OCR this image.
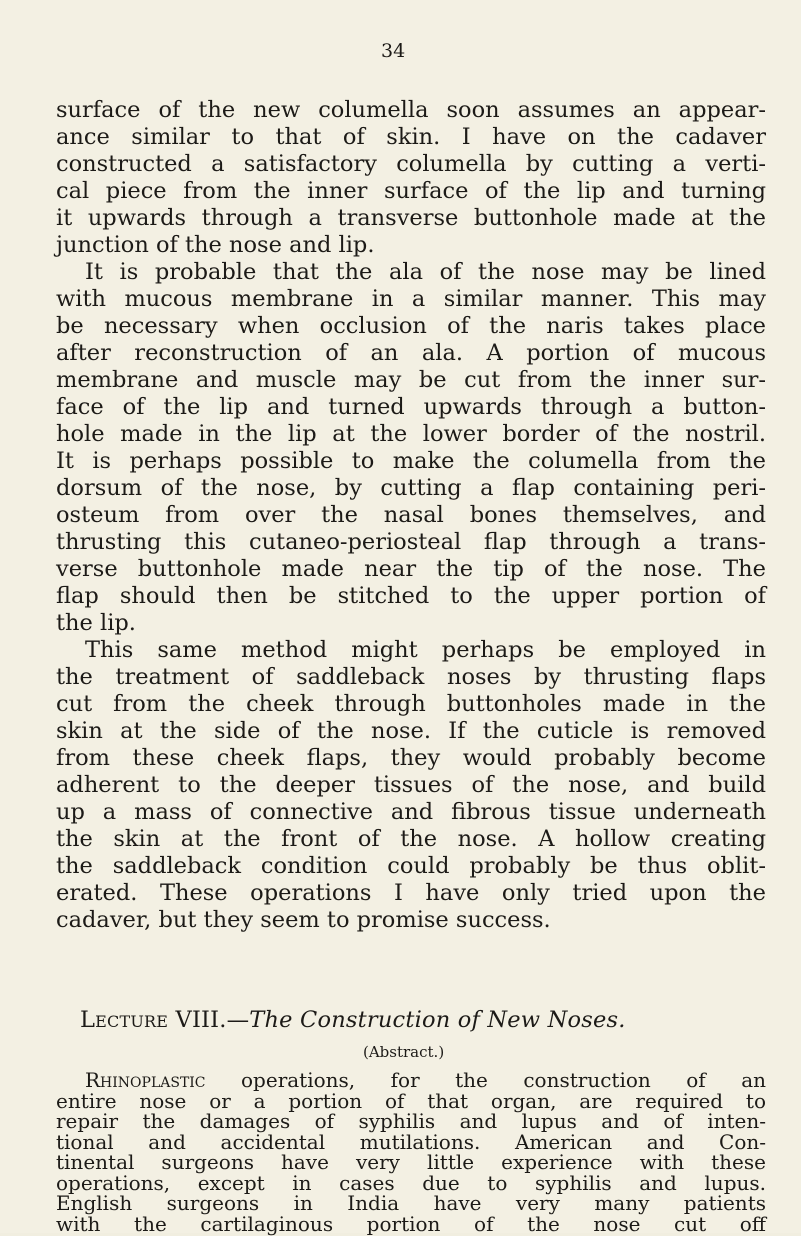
34
surface of the new columella soon assumes an appear-
ance similar to that of skin. I have on the cadaver
constructed a satisfactory columella by cutting a verti-
cal piece from the inner surface of the lip and turning
it upwards through a transverse buttonhole made at the
junction of the nose and lip.
It is probable that the ala of the nose may be lined
with mucous membrane in a similar manner. This may
be necessary when occlusion of the naris takes place
after reconstruction of an ala. A portion of mucous
membrane and muscle may be cut from the inner sur-
face of the lip and turned upwards through a button-
hole made in the lip at the lower border of the nostril.
It is perhaps possible to make the columella from the
dorsum of the nose, by cutting a flap containing peri-
osteum from over the nasal bones themselves, and
thrusting this cutaneo-periosteal flap through a trans-
verse buttonhole made near the tip of the nose. The
flap should then be stitched to the upper portion of
the lip.
This same method might perhaps be employed in
the treatment of saddleback noses by thrusting flaps
cut from the cheek through buttonholes made in the
skin at the side of the nose. If the cuticle is removed
from these cheek flaps, they would probably become
adherent to the deeper tissues of the nose, and build
up a mass of connective and fibrous tissue underneath
the skin at the front of the nose. A hollow creating
the saddleback condition could probably be thus oblit-
erated. These operations I have only tried upon the
cadaver, but they seem to promise success.
Lecture VIII.—The Construction of New Noses.
(Abstract.)
Rhinoplastic operations, for the construction of an
entire nose or a portion of that organ, are required to
repair the damages of syphilis and lupus and of inten-
tional and accidental mutilations. American and Con-
tinental surgeons have very little experience with these
operations, except in cases due to syphilis and lupus.
English surgeons in India have very many patients
with the cartilaginous portion of the nose cut off
